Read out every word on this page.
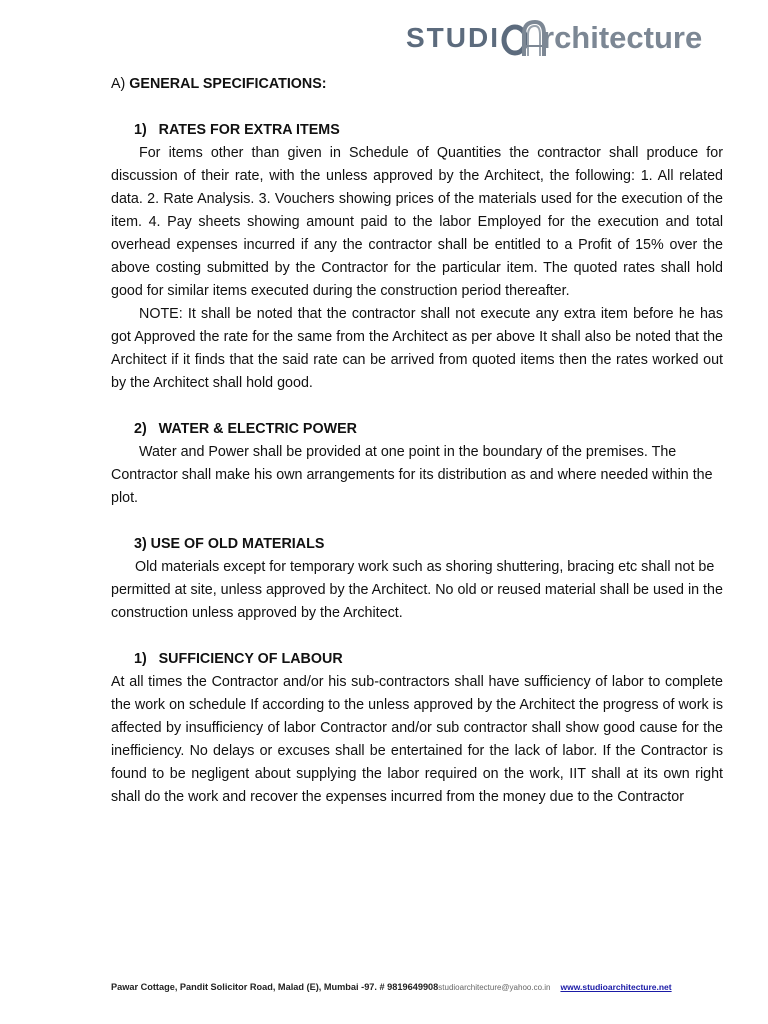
STUDI rchitecture
A) GENERAL SPECIFICATIONS:
1)   RATES FOR EXTRA ITEMS

For items other than given in Schedule of Quantities the contractor shall produce for discussion of their rate, with the unless approved by the Architect, the following: 1. All related data. 2. Rate Analysis. 3. Vouchers showing prices of the materials used for the execution of the item. 4. Pay sheets showing amount paid to the labor Employed for the execution and total overhead expenses incurred if any the contractor shall be entitled to a Profit of 15% over the above costing submitted by the Contractor for the particular item. The quoted rates shall hold good for similar items executed during the construction period thereafter.

NOTE: It shall be noted that the contractor shall not execute any extra item before he has got Approved the rate for the same from the Architect as per above It shall also be noted that the Architect if it finds that the said rate can be arrived from quoted items then the rates worked out by the Architect shall hold good.

2)   WATER & ELECTRIC POWER

Water and Power shall be provided at one point in the boundary of the premises. The Contractor shall make his own arrangements for its distribution as and where needed within the plot.

3) USE OF OLD MATERIALS

Old materials except for temporary work such as shoring shuttering, bracing etc shall not be permitted at site, unless approved by the Architect. No old or reused material shall be used in the construction unless approved by the Architect.

1)   SUFFICIENCY OF LABOUR

At all times the Contractor and/or his sub-contractors shall have sufficiency of labor to complete the work on schedule If according to the unless approved by the Architect the progress of work is affected by insufficiency of labor Contractor and/or sub contractor shall show good cause for the inefficiency. No delays or excuses shall be entertained for the lack of labor. If the Contractor is found to be negligent about supplying the labor required on the work, IIT shall at its own right shall do the work and recover the expenses incurred from the money due to the Contractor

Pawar Cottage, Pandit Solicitor Road, Malad (E), Mumbai -97. # 9819649908studioarchitecture@yahoo.co.in www.studioarchitecture.net
